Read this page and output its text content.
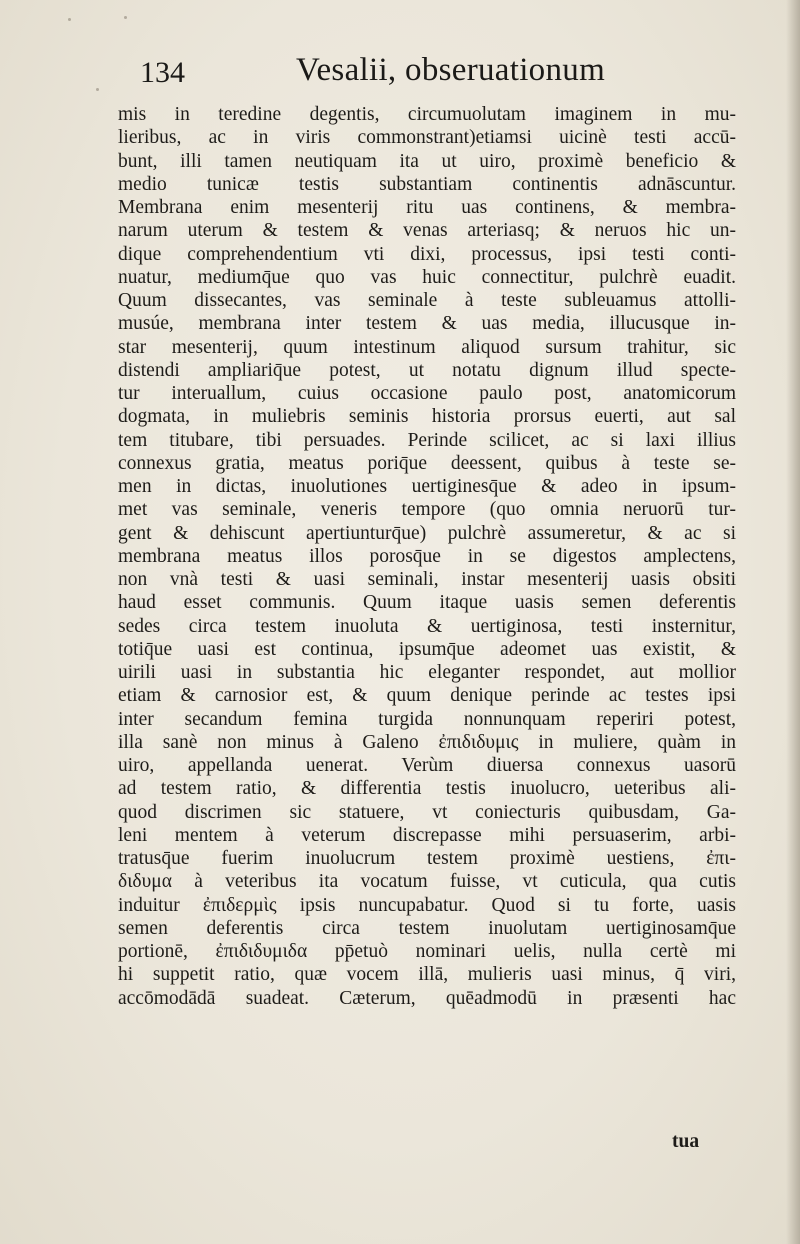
134	Vesalii, obseruationum
mis in teredine degentis, circumuolutam imaginem in mu-
lieribus, ac in viris commonstrant)etiamsi uicinè testi accū-
bunt, illi tamen neutiquam ita ut uiro, proximè beneficio &
medio tunicæ testis substantiam continentis adnāscuntur.
Membrana enim mesenterij ritu uas continens, & membra-
narum uterum & testem & venas arteriasq; & neruos hic un-
dique comprehendentium vti dixi, processus, ipsi testi conti-
nuatur, mediumq̄ue quo vas huic connectitur, pulchrè euadit.
Quum dissecantes, vas seminale à teste subleuamus attolli-
musúe, membrana inter testem & uas media, illucusque in-
star mesenterij, quum intestinum aliquod sursum trahitur, sic
distendi ampliariq̄ue potest, ut notatu dignum illud specte-
tur interuallum, cuius occasione paulo post, anatomicorum
dogmata, in muliebris seminis historia prorsus euerti, aut sal
tem titubare, tibi persuades. Perinde scilicet, ac si laxi illius
connexus gratia, meatus poriq̄ue deessent, quibus à teste se-
men in dictas, inuolutiones uertiginesq̄ue & adeo in ipsum-
met vas seminale, veneris tempore (quo omnia neruorū tur-
gent & dehiscunt apertiunturq̄ue) pulchrè assumeretur, & ac si
membrana meatus illos porosq̄ue in se digestos amplectens,
non vnà testi & uasi seminali, instar mesenterij uasis obsiti
haud esset communis. Quum itaque uasis semen deferentis
sedes circa testem inuoluta & uertiginosa, testi insternitur,
totiq̄ue uasi est continua, ipsumq̄ue adeomet uas existit, &
uirili uasi in substantia hic eleganter respondet, aut mollior
etiam & carnosior est, & quum denique perinde ac testes ipsi
inter secandum femina turgida nonnunquam reperiri potest,
illa sanè non minus à Galeno ἐπιδιδυμις in muliere, quàm in
uiro, appellanda uenerat. Verùm diuersa connexus uasorū
ad testem ratio, & differentia testis inuolucro, ueteribus ali-
quod discrimen sic statuere, vt coniecturis quibusdam, Ga-
leni mentem à veterum discrepasse mihi persuaserim, arbi-
tratusq̄ue fuerim inuolucrum testem proximè uestiens, ἐπι-
διδυμα à veteribus ita vocatum fuisse, vt cuticula, qua cutis
induitur ἐπιδερμὶς ipsis nuncupabatur. Quod si tu forte, uasis
semen deferentis circa testem inuolutam uertiginosamq̄ue
portionē, ἐπιδιδυμιδα pp̄etuò nominari uelis, nulla certè mi
hi suppetit ratio, quæ vocem illā, mulieris uasi minus, q̄ viri,
accōmodādā suadeat. Cæterum, quēadmodū in præsenti hac
tua
